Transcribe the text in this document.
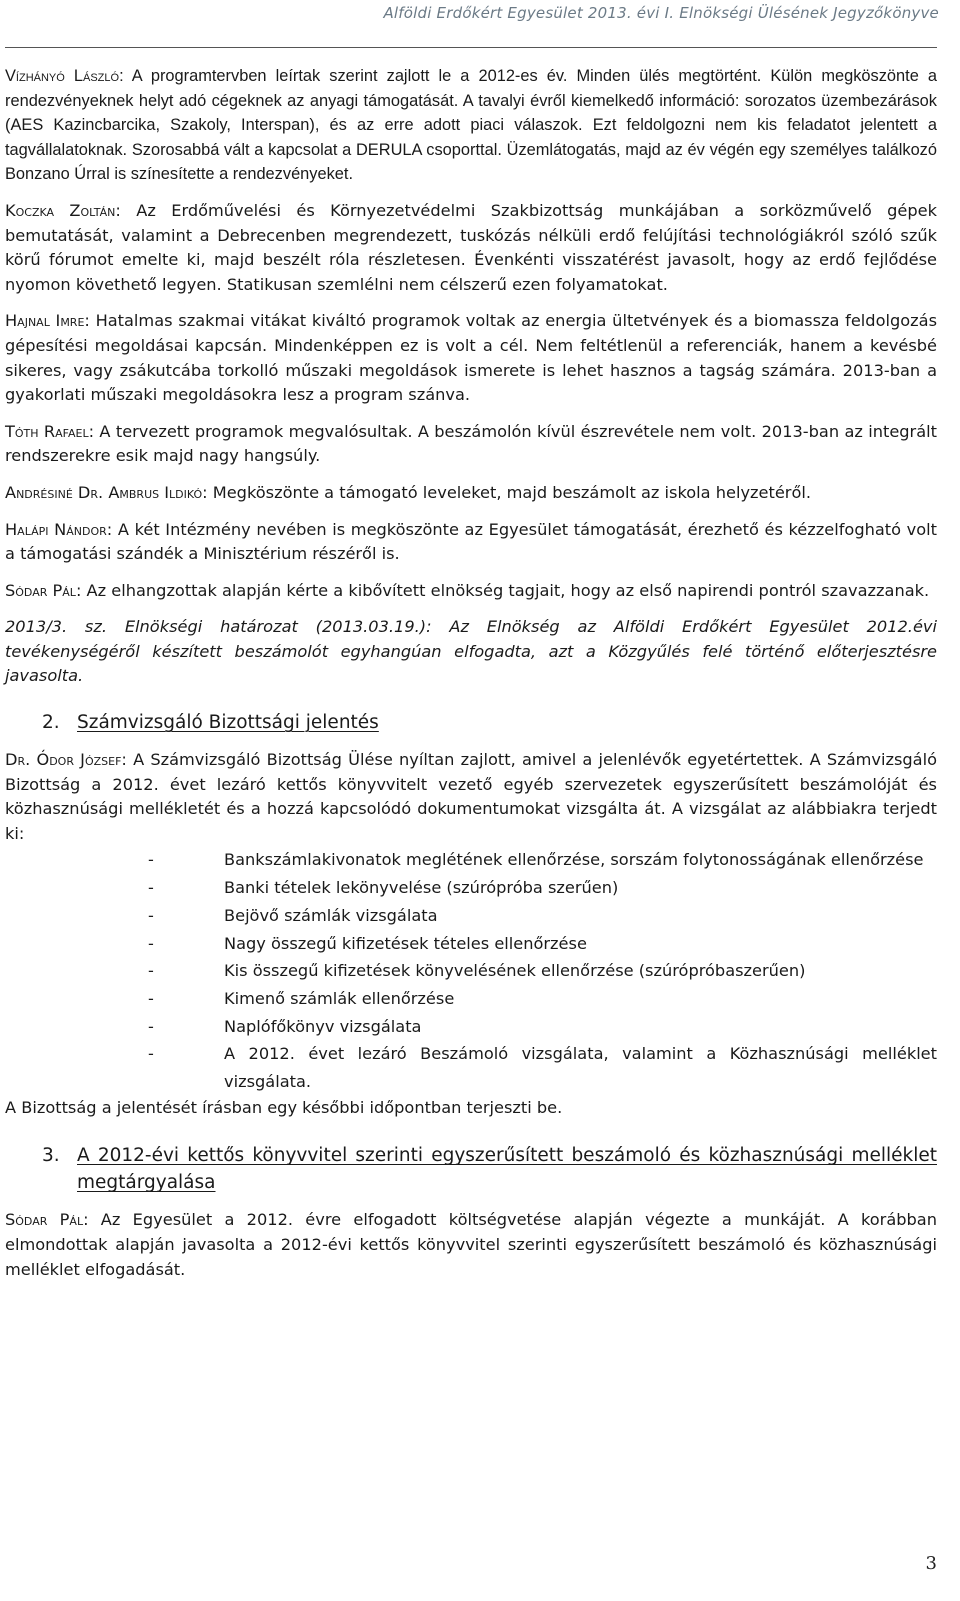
Alföldi Erdőkért Egyesület 2013. évi I. Elnökségi Ülésének Jegyzőkönyve

Vízhányó László: A programtervben leírtak szerint zajlott le a 2012-es év. Minden ülés megtörtént. Külön megköszönte a rendezvényeknek helyt adó cégeknek az anyagi támogatását. A tavalyi évről kiemelkedő információ: sorozatos üzembezárások (AES Kazincbarcika, Szakoly, Interspan), és az erre adott piaci válaszok. Ezt feldolgozni nem kis feladatot jelentett a tagvállalatoknak. Szorosabbá vált a kapcsolat a DERULA csoporttal. Üzemlátogatás, majd az év végén egy személyes találkozó Bonzano Úrral is színesítette a rendezvényeket.

Koczka Zoltán: Az Erdőművelési és Környezetvédelmi Szakbizottság munkájában a sorközművelő gépek bemutatását, valamint a Debrecenben megrendezett, tuskózás nélküli erdő felújítási technológiákról szóló szűk körű fórumot emelte ki, majd beszélt róla részletesen. Évenkénti visszatérést javasolt, hogy az erdő fejlődése nyomon követhető legyen. Statikusan szemlélni nem célszerű ezen folyamatokat.

Hajnal Imre: Hatalmas szakmai vitákat kiváltó programok voltak az energia ültetvények és a biomassza feldolgozás gépesítési megoldásai kapcsán. Mindenképpen ez is volt a cél. Nem feltétlenül a referenciák, hanem a kevésbé sikeres, vagy zsákutcába torkolló műszaki megoldások ismerete is lehet hasznos a tagság számára. 2013-ban a gyakorlati műszaki megoldásokra lesz a program szánva.

Tóth Rafael: A tervezett programok megvalósultak. A beszámolón kívül észrevétele nem volt. 2013-ban az integrált rendszerekre esik majd nagy hangsúly.

Andrésiné Dr. Ambrus Ildikó: Megköszönte a támogató leveleket, majd beszámolt az iskola helyzetéről.

Halápi Nándor: A két Intézmény nevében is megköszönte az Egyesület támogatását, érezhető és kézzelfogható volt a támogatási szándék a Minisztérium részéről is.

Sódar Pál: Az elhangzottak alapján kérte a kibővített elnökség tagjait, hogy az első napirendi pontról szavazzanak.

2013/3. sz. Elnökségi határozat (2013.03.19.): Az Elnökség az Alföldi Erdőkért Egyesület 2012.évi tevékenységéről készített beszámolót egyhangúan elfogadta, azt a Közgyűlés felé történő előterjesztésre javasolta.

2. Számvizsgáló Bizottsági jelentés

Dr. Ódor József: A Számvizsgáló Bizottság Ülése nyíltan zajlott, amivel a jelenlévők egyetértettek. A Számvizsgáló Bizottság a 2012. évet lezáró kettős könyvvitelt vezető egyéb szervezetek egyszerűsített beszámolóját és közhasznúsági mellékletét és a hozzá kapcsolódó dokumentumokat vizsgálta át. A vizsgálat az alábbiakra terjedt ki:

-	Bankszámlakivonatok meglétének ellenőrzése, sorszám folytonosságának ellenőrzése
-	Banki tételek lekönyvelése (szúrópróba szerűen)
-	Bejövő számlák vizsgálata
-	Nagy összegű kifizetések tételes ellenőrzése
-	Kis összegű kifizetések könyvelésének ellenőrzése (szúrópróbaszerűen)
-	Kimenő számlák ellenőrzése
-	Naplófőkönyv vizsgálata
-	A 2012. évet lezáró Beszámoló vizsgálata, valamint a Közhasznúsági melléklet vizsgálata.

A Bizottság a jelentését írásban egy későbbi időpontban terjeszti be.

3. A 2012-évi kettős könyvvitel szerinti egyszerűsített beszámoló és közhasznúsági melléklet megtárgyalása

Sódar Pál: Az Egyesület a 2012. évre elfogadott költségvetése alapján végezte a munkáját. A korábban elmondottak alapján javasolta a 2012-évi kettős könyvvitel szerinti egyszerűsített beszámoló és közhasznúsági melléklet elfogadását.

3
